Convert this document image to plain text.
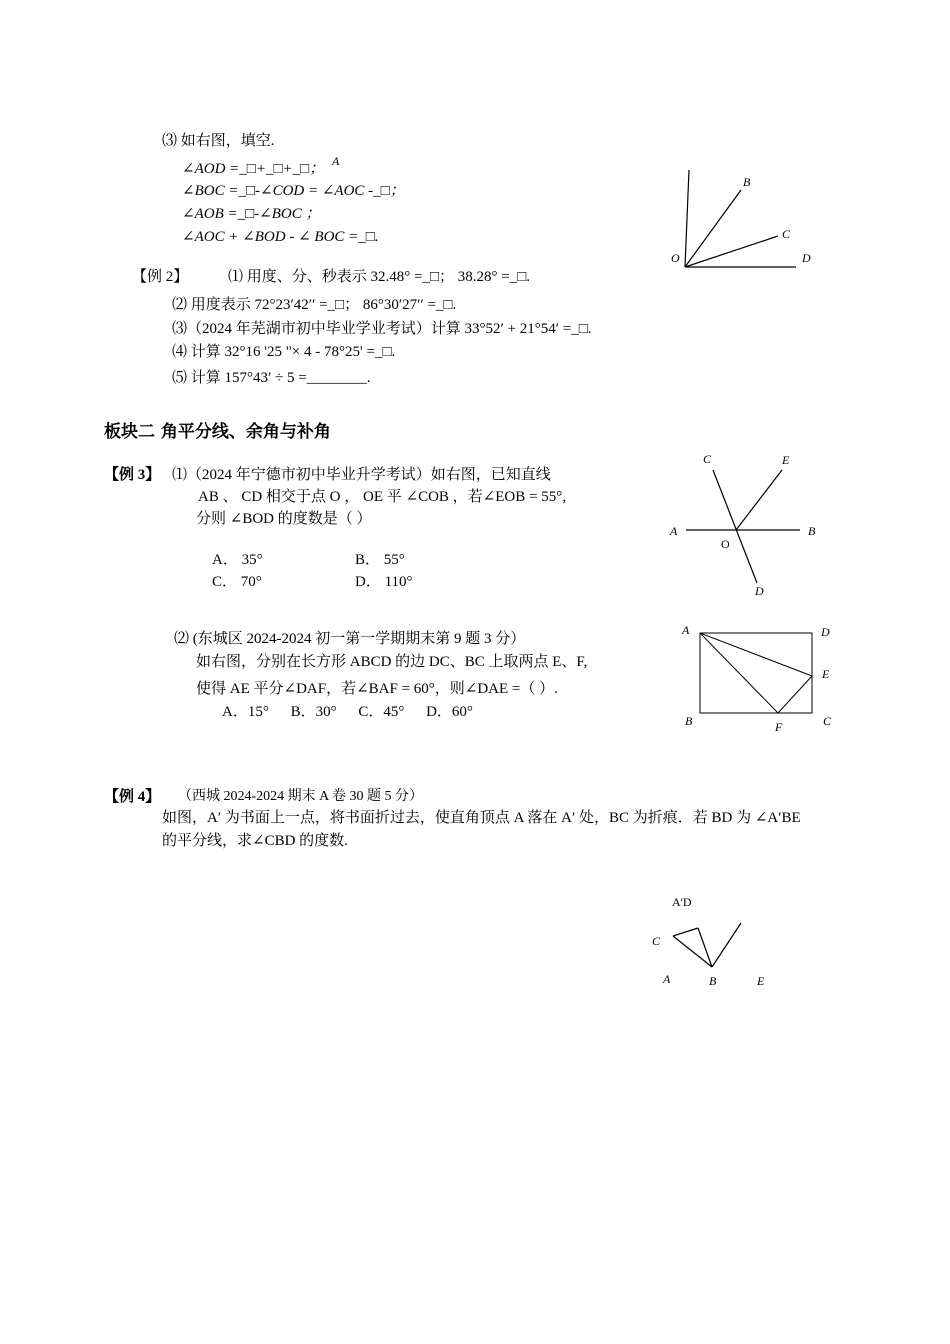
⑶ 如右图，填空.
∠AOD =_□+_□+_□；
∠BOC =_□-∠COD = ∠AOC -_□；
∠AOB =_□-∠BOC ；
∠AOC + ∠BOD - ∠ BOC =_□.
A
B
C
O	D
【例 2】	⑴ 用度、分、秒表示 32.48° =_□； 38.28° =_□.
⑵ 用度表示 72°23′42′′ =_□； 86°30′27′′ =_□.
⑶（2024 年芜湖市初中毕业学业考试）计算 33°52′ + 21°54′ =_□.
⑷ 计算 32°16 '25 "× 4 - 78°25' =_□.
⑸ 计算 157°43′ ÷ 5 =________.
板块二 角平分线、余角与补角
【例 3】 ⑴（2024 年宁德市初中毕业升学考试）如右图，已知直线
AB 、 CD 相交于点 O ， OE 平 ∠COB ，若∠EOB = 55°,
分则 ∠BOD 的度数是（ ）
A． 35°	B． 55°
C． 70°	D． 110°
C	E
A
O
B
D
⑵ (东城区 2024-2024 初一第一学期期末第 9 题 3 分）
如右图，分别在长方形 ABCD 的边 DC、BC 上取两点 E、F,
使得 AE 平分∠DAF，若∠BAF = 60°，则∠DAE =（ ）.
A．15° B．30° C．45° D．60°
A	D
E
B	F	C
【例 4】 （西城 2024-2024 期末 A 卷 30 题 5 分）
如图，A′ 为书面上一点，将书面折过去，使直角顶点 A 落在 A′ 处，BC 为折痕．若 BD 为 ∠A′BE
的平分线，求∠CBD 的度数.
A'D
C
A	B	E
